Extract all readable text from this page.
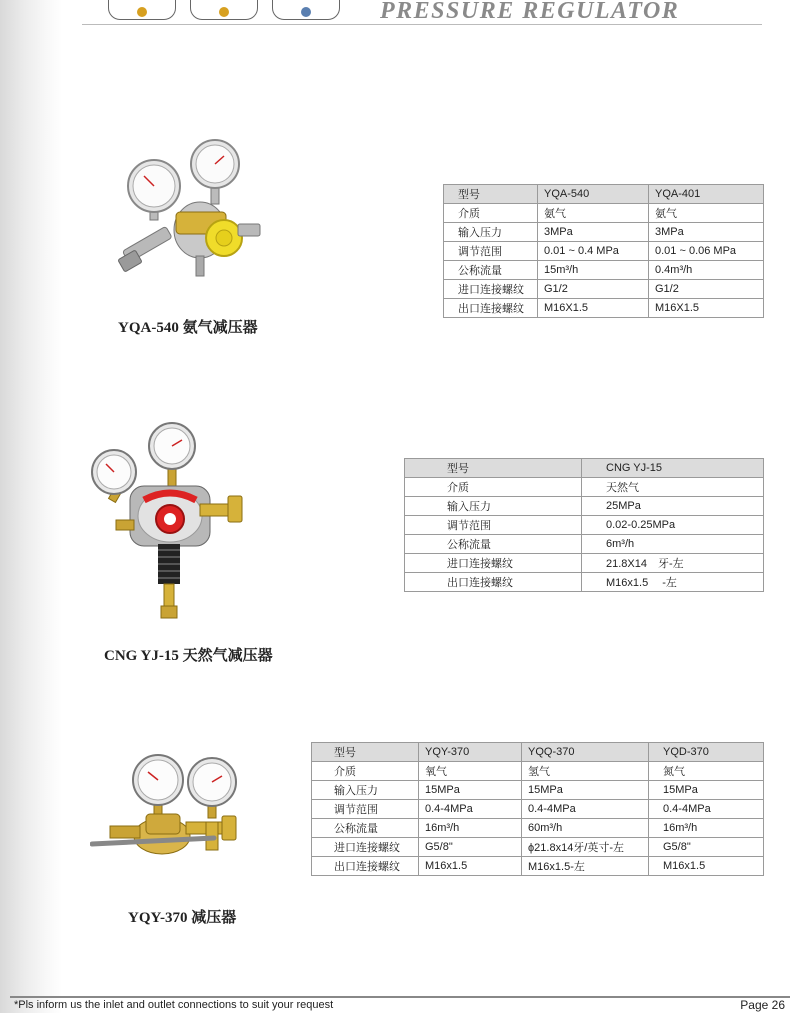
PRESSURE REGULATOR
YQA-540 氨气减压器
型号	YQA-540	YQA-401
介质	氨气	氨气
输入压力	3MPa	3MPa
调节范围	0.01 ~ 0.4 MPa	0.01 ~ 0.06 MPa
公称流量	15m³/h	0.4m³/h
进口连接螺纹	G1/2	G1/2
出口连接螺纹	M16X1.5	M16X1.5
CNG YJ-15 天然气减压器
型号	CNG YJ-15
介质	天然气
输入压力	25MPa
调节范围	0.02-0.25MPa
公称流量	6m³/h
进口连接螺纹	21.8X14　牙-左
出口连接螺纹	M16x1.5　 -左
YQY-370 减压器
型号	YQY-370	YQQ-370	YQD-370
介质	氧气	氢气	氮气
输入压力	15MPa	15MPa	15MPa
调节范围	0.4-4MPa	0.4-4MPa	0.4-4MPa
公称流量	16m³/h	60m³/h	16m³/h
进口连接螺纹	G5/8"	ϕ21.8x14牙/英寸-左	G5/8"
出口连接螺纹	M16x1.5	M16x1.5-左	M16x1.5
*Pls inform us the inlet and outlet connections to suit your request	Page 26
